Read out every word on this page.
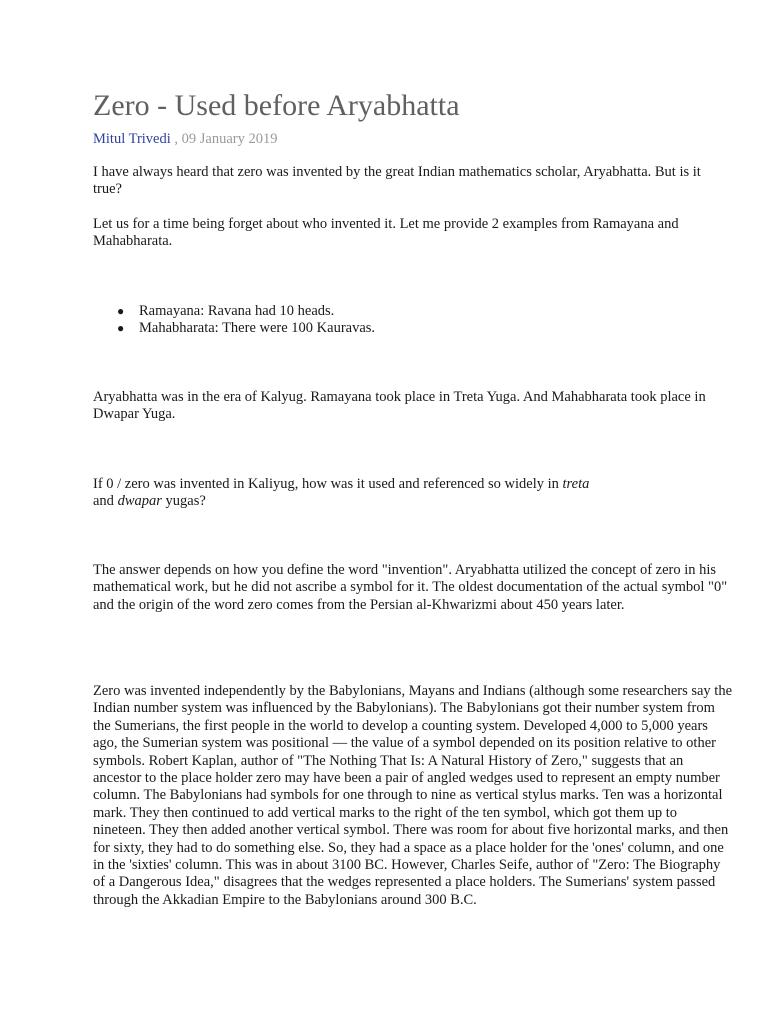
Zero - Used before Aryabhatta
Mitul Trivedi , 09 January 2019

I have always heard that zero was invented by the great Indian mathematics scholar, Aryabhatta. But is it true?

Let us for a time being forget about who invented it. Let me provide 2 examples from Ramayana and Mahabharata.

● Ramayana: Ravana had 10 heads.
● Mahabharata: There were 100 Kauravas.

Aryabhatta was in the era of Kalyug. Ramayana took place in Treta Yuga. And Mahabharata took place in Dwapar Yuga.

If 0 / zero was invented in Kaliyug, how was it used and referenced so widely in treta and dwapar yugas?

The answer depends on how you define the word "invention". Aryabhatta utilized the concept of zero in his mathematical work, but he did not ascribe a symbol for it. The oldest documentation of the actual symbol "0" and the origin of the word zero comes from the Persian al-Khwarizmi about 450 years later.

Zero was invented independently by the Babylonians, Mayans and Indians (although some researchers say the Indian number system was influenced by the Babylonians). The Babylonians got their number system from the Sumerians, the first people in the world to develop a counting system. Developed 4,000 to 5,000 years ago, the Sumerian system was positional — the value of a symbol depended on its position relative to other symbols. Robert Kaplan, author of "The Nothing That Is: A Natural History of Zero," suggests that an ancestor to the place holder zero may have been a pair of angled wedges used to represent an empty number column. The Babylonians had symbols for one through to nine as vertical stylus marks. Ten was a horizontal mark. They then continued to add vertical marks to the right of the ten symbol, which got them up to nineteen. They then added another vertical symbol. There was room for about five horizontal marks, and then for sixty, they had to do something else. So, they had a space as a place holder for the 'ones' column, and one in the 'sixties' column. This was in about 3100 BC. However, Charles Seife, author of "Zero: The Biography of a Dangerous Idea," disagrees that the wedges represented a place holders. The Sumerians' system passed through the Akkadian Empire to the Babylonians around 300 B.C.
